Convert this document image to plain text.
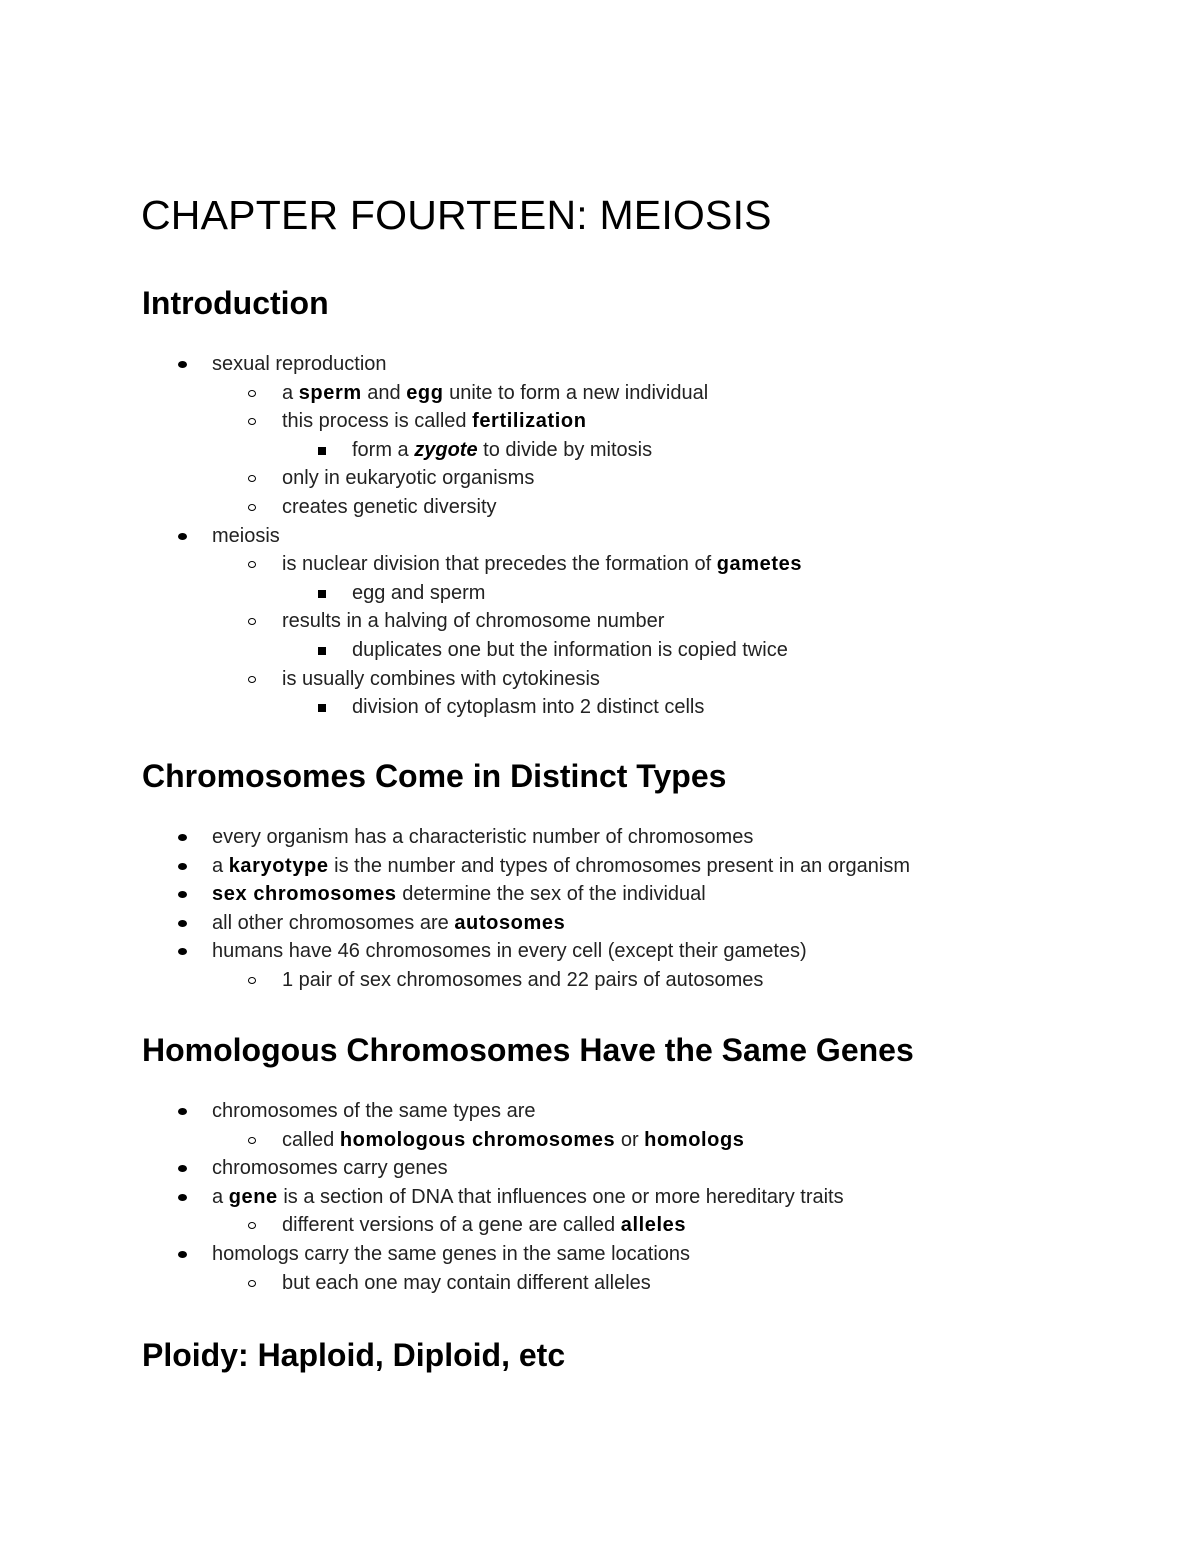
CHAPTER FOURTEEN: MEIOSIS
Introduction
sexual reproduction
a sperm and egg unite to form a new individual
this process is called fertilization
form a zygote to divide by mitosis
only in eukaryotic organisms
creates genetic diversity
meiosis
is nuclear division that precedes the formation of gametes
egg and sperm
results in a halving of chromosome number
duplicates one but the information is copied twice
is usually combines with cytokinesis
division of cytoplasm into 2 distinct cells
Chromosomes Come in Distinct Types
every organism has a characteristic number of chromosomes
a karyotype is the number and types of chromosomes present in an organism
sex chromosomes determine the sex of the individual
all other chromosomes are autosomes
humans have 46 chromosomes in every cell (except their gametes)
1 pair of sex chromosomes and 22 pairs of autosomes
Homologous Chromosomes Have the Same Genes
chromosomes of the same types are
called homologous chromosomes or homologs
chromosomes carry genes
a gene is a section of DNA that influences one or more hereditary traits
different versions of a gene are called alleles
homologs carry the same genes in the same locations
but each one may contain different alleles
Ploidy: Haploid, Diploid, etc
